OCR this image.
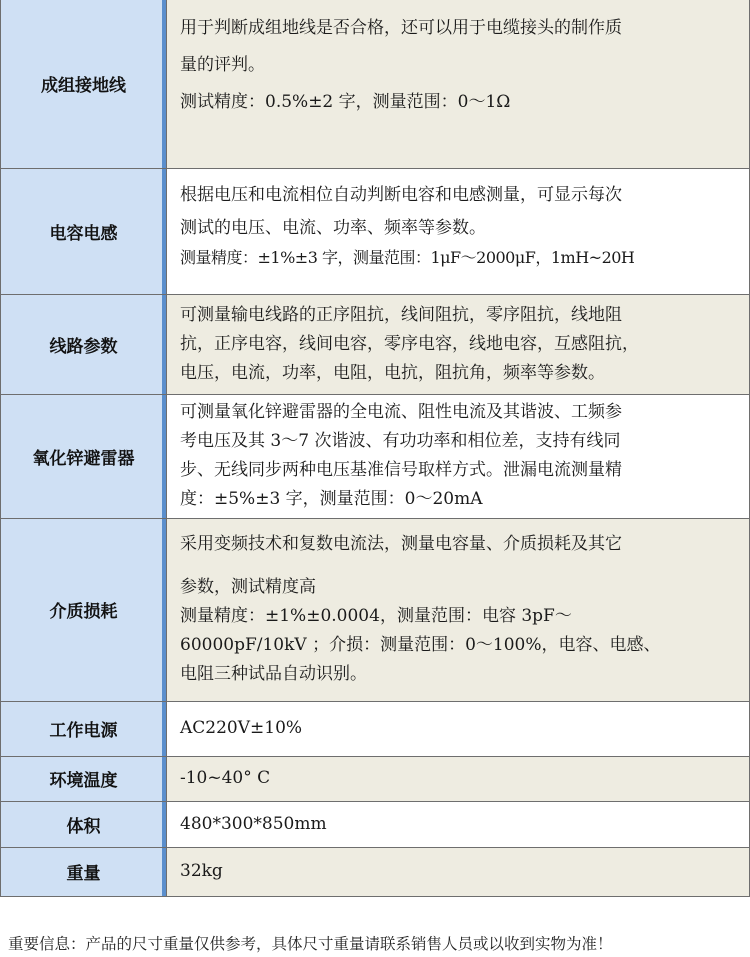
成组接地线	用于判断成组地线是否合格，还可以用于电缆接头的制作质
量的评判。
测试精度：0.5%±2 字，测量范围：0～1Ω

电容电感	根据电压和电流相位自动判断电容和电感测量，可显示每次
测试的电压、电流、功率、频率等参数。
测量精度：±1%±3 字，测量范围：1μF～2000μF，1mH~20H

线路参数	可测量输电线路的正序阻抗，线间阻抗，零序阻抗，线地阻
抗，正序电容，线间电容，零序电容，线地电容，互感阻抗，
电压，电流，功率，电阻，电抗，阻抗角，频率等参数。

氧化锌避雷器	可测量氧化锌避雷器的全电流、阻性电流及其谐波、工频参
考电压及其 3～7 次谐波、有功功率和相位差，支持有线同
步、无线同步两种电压基准信号取样方式。泄漏电流测量精
度：±5%±3 字，测量范围：0～20mA

介质损耗	采用变频技术和复数电流法，测量电容量、介质损耗及其它
参数，测试精度高
测量精度：±1%±0.0004，测量范围：电容 3pF～
60000pF/10kV ；介损：测量范围：0～100%，电容、电感、
电阻三种试品自动识别。

工作电源	AC220V±10%

环境温度	-10~40° C

体积	480*300*850mm

重量	32kg
重要信息：产品的尺寸重量仅供参考，具体尺寸重量请联系销售人员或以收到实物为准！
